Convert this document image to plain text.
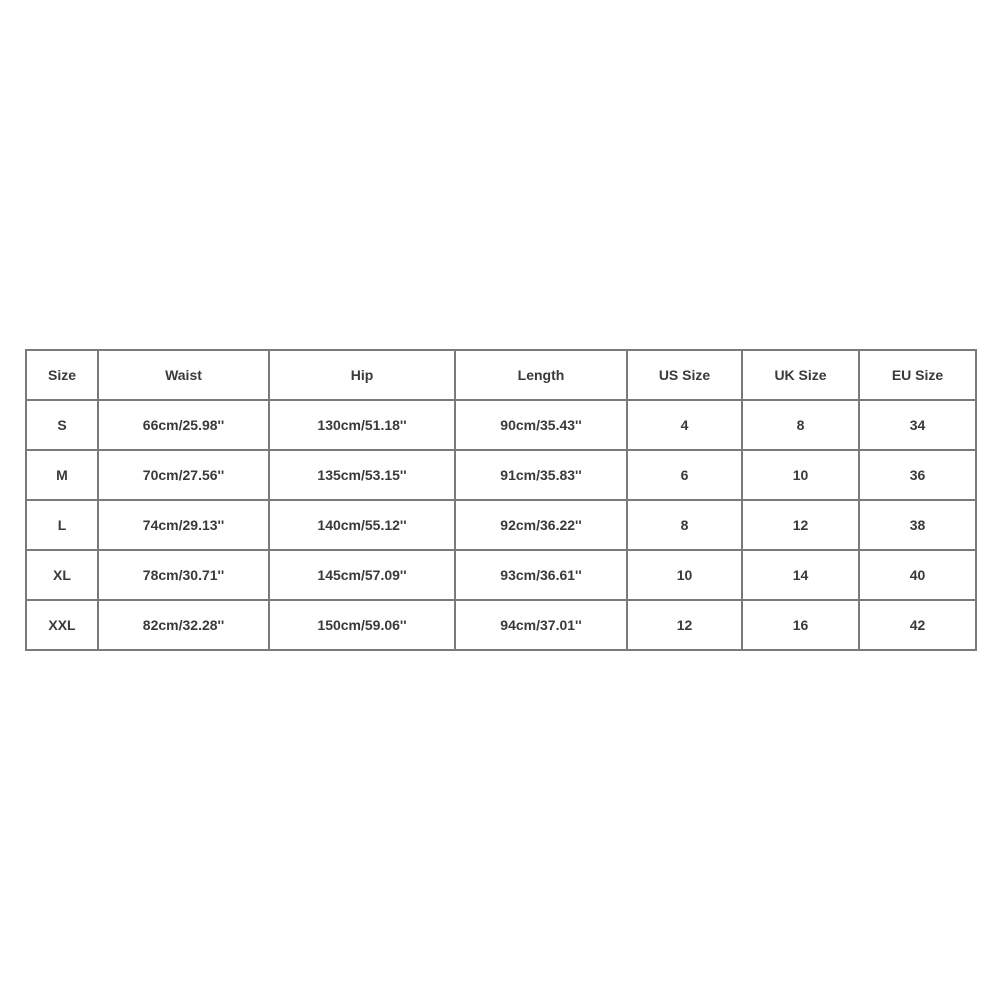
Size	Waist	Hip	Length	US Size	UK Size	EU Size
S	66cm/25.98''	130cm/51.18''	90cm/35.43''	4	8	34
M	70cm/27.56''	135cm/53.15''	91cm/35.83''	6	10	36
L	74cm/29.13''	140cm/55.12''	92cm/36.22''	8	12	38
XL	78cm/30.71''	145cm/57.09''	93cm/36.61''	10	14	40
XXL	82cm/32.28''	150cm/59.06''	94cm/37.01''	12	16	42
